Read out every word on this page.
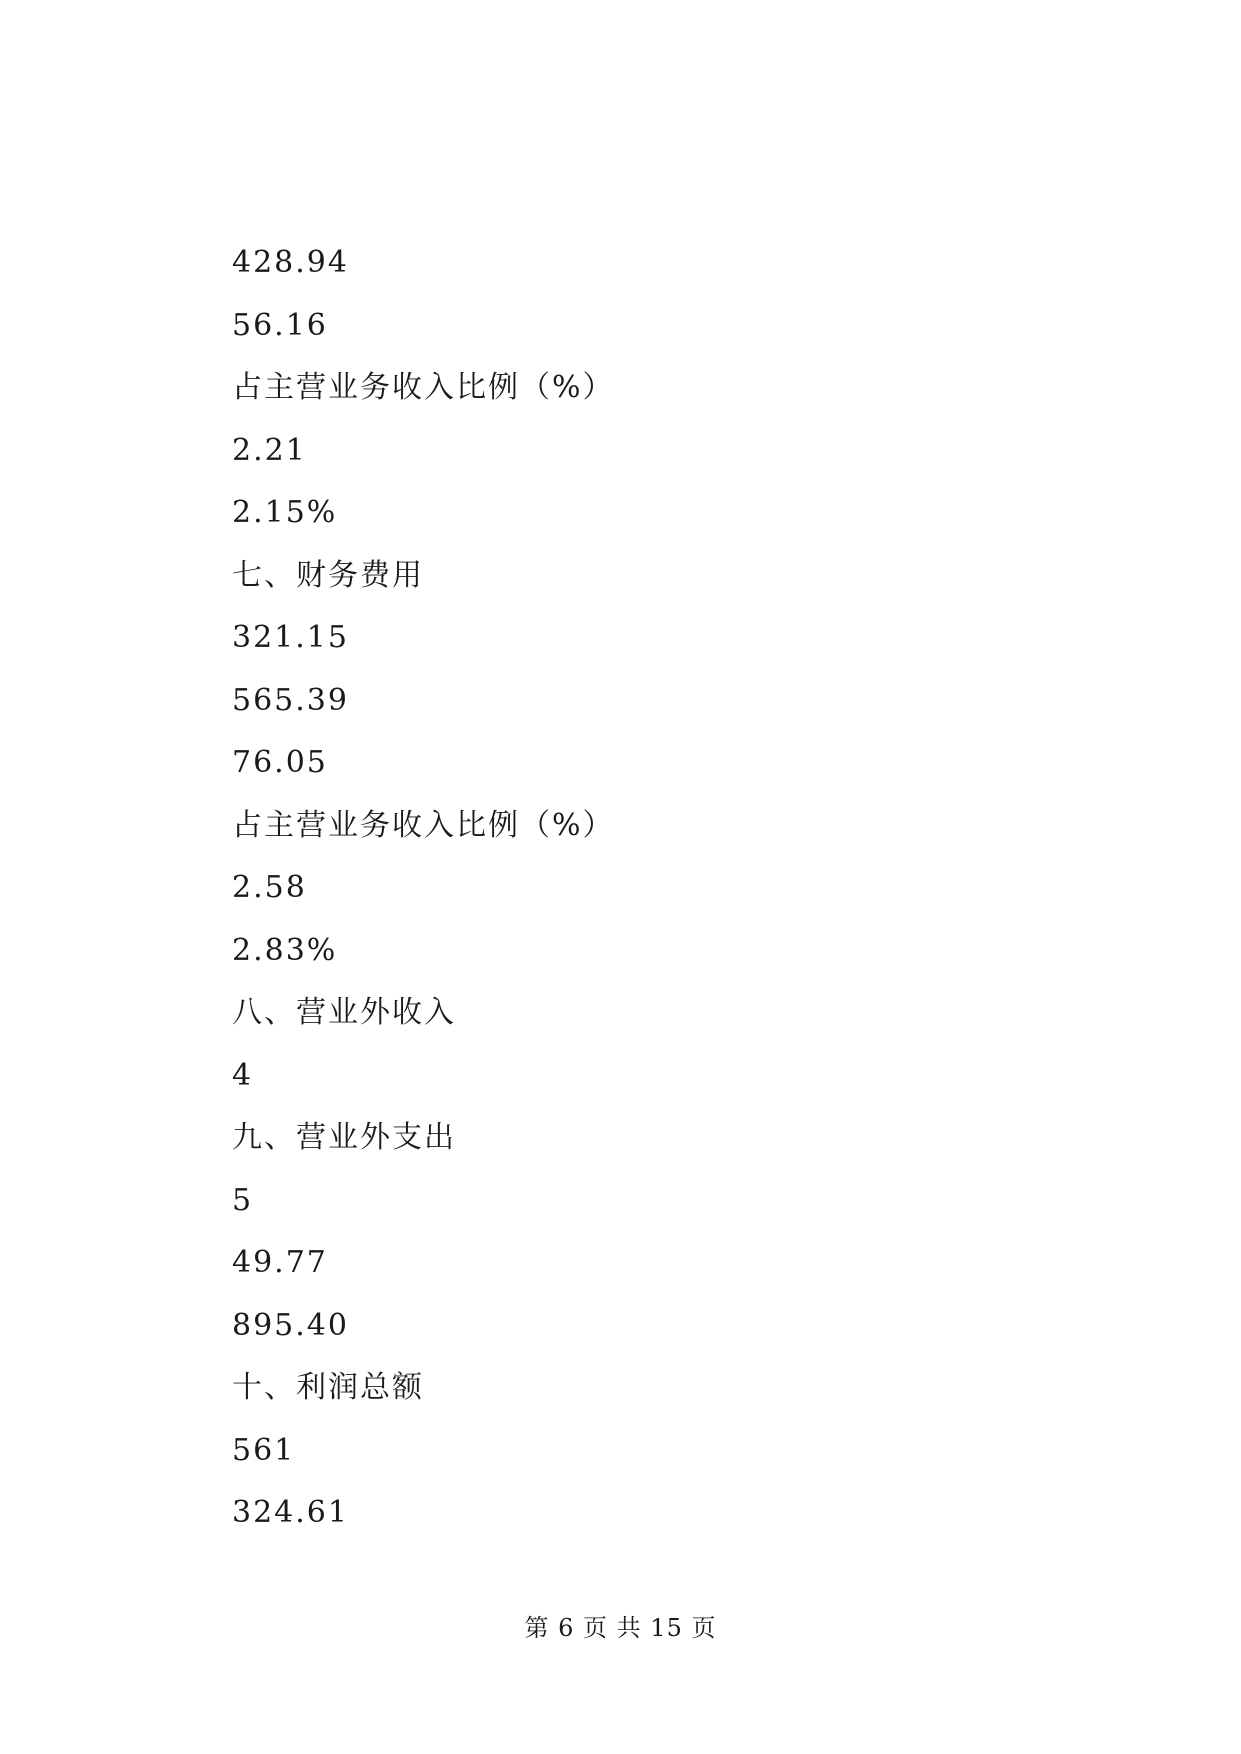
428.94
56.16
占主营业务收入比例（%）
2.21
2.15%
七、财务费用
321.15
565.39
76.05
占主营业务收入比例（%）
2.58
2.83%
八、营业外收入
4
九、营业外支出
5
49.77
895.40
十、利润总额
561
324.61
第 6 页 共 15 页
